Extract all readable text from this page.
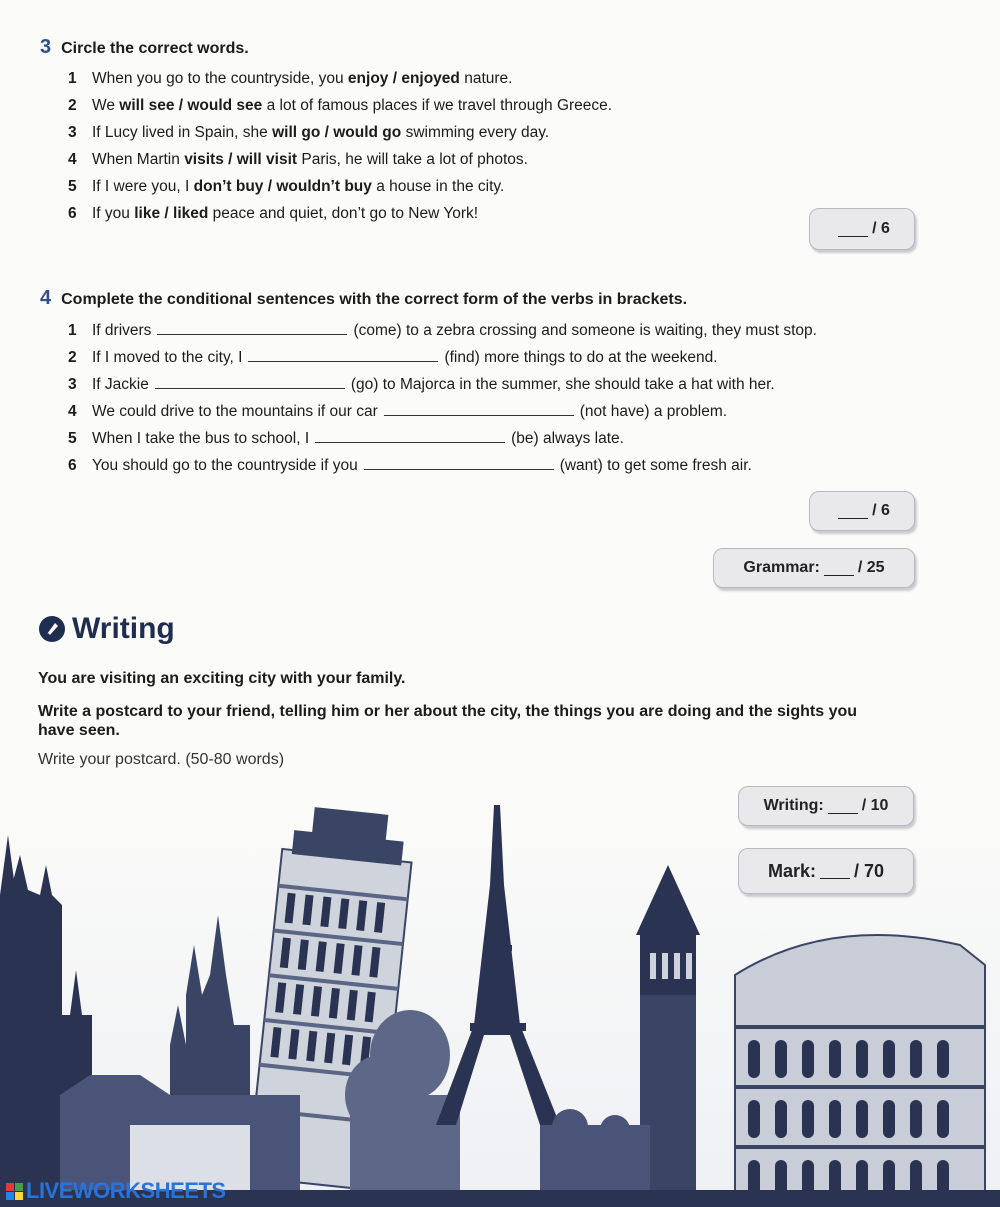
3 Circle the correct words.
1 When you go to the countryside, you enjoy / enjoyed nature.
2 We will see / would see a lot of famous places if we travel through Greece.
3 If Lucy lived in Spain, she will go / would go swimming every day.
4 When Martin visits / will visit Paris, he will take a lot of photos.
5 If I were you, I don’t buy / wouldn’t buy a house in the city.
6 If you like / liked peace and quiet, don’t go to New York!
/ 6
4 Complete the conditional sentences with the correct form of the verbs in brackets.
1 If drivers	(come) to a zebra crossing and someone is waiting, they must stop.
2 If I moved to the city, I	(find) more things to do at the weekend.
3 If Jackie	(go) to Majorca in the summer, she should take a hat with her.
4 We could drive to the mountains if our car	(not have) a problem.
5 When I take the bus to school, I	(be) always late.
6 You should go to the countryside if you	(want) to get some fresh air.
/ 6
Grammar: / 25
Writing
You are visiting an exciting city with your family.
Write a postcard to your friend, telling him or her about the city, the things you are doing and the sights you have seen.
Write your postcard. (50-80 words)
Writing: / 10
Mark: / 70
LIVEWORKSHEETS
